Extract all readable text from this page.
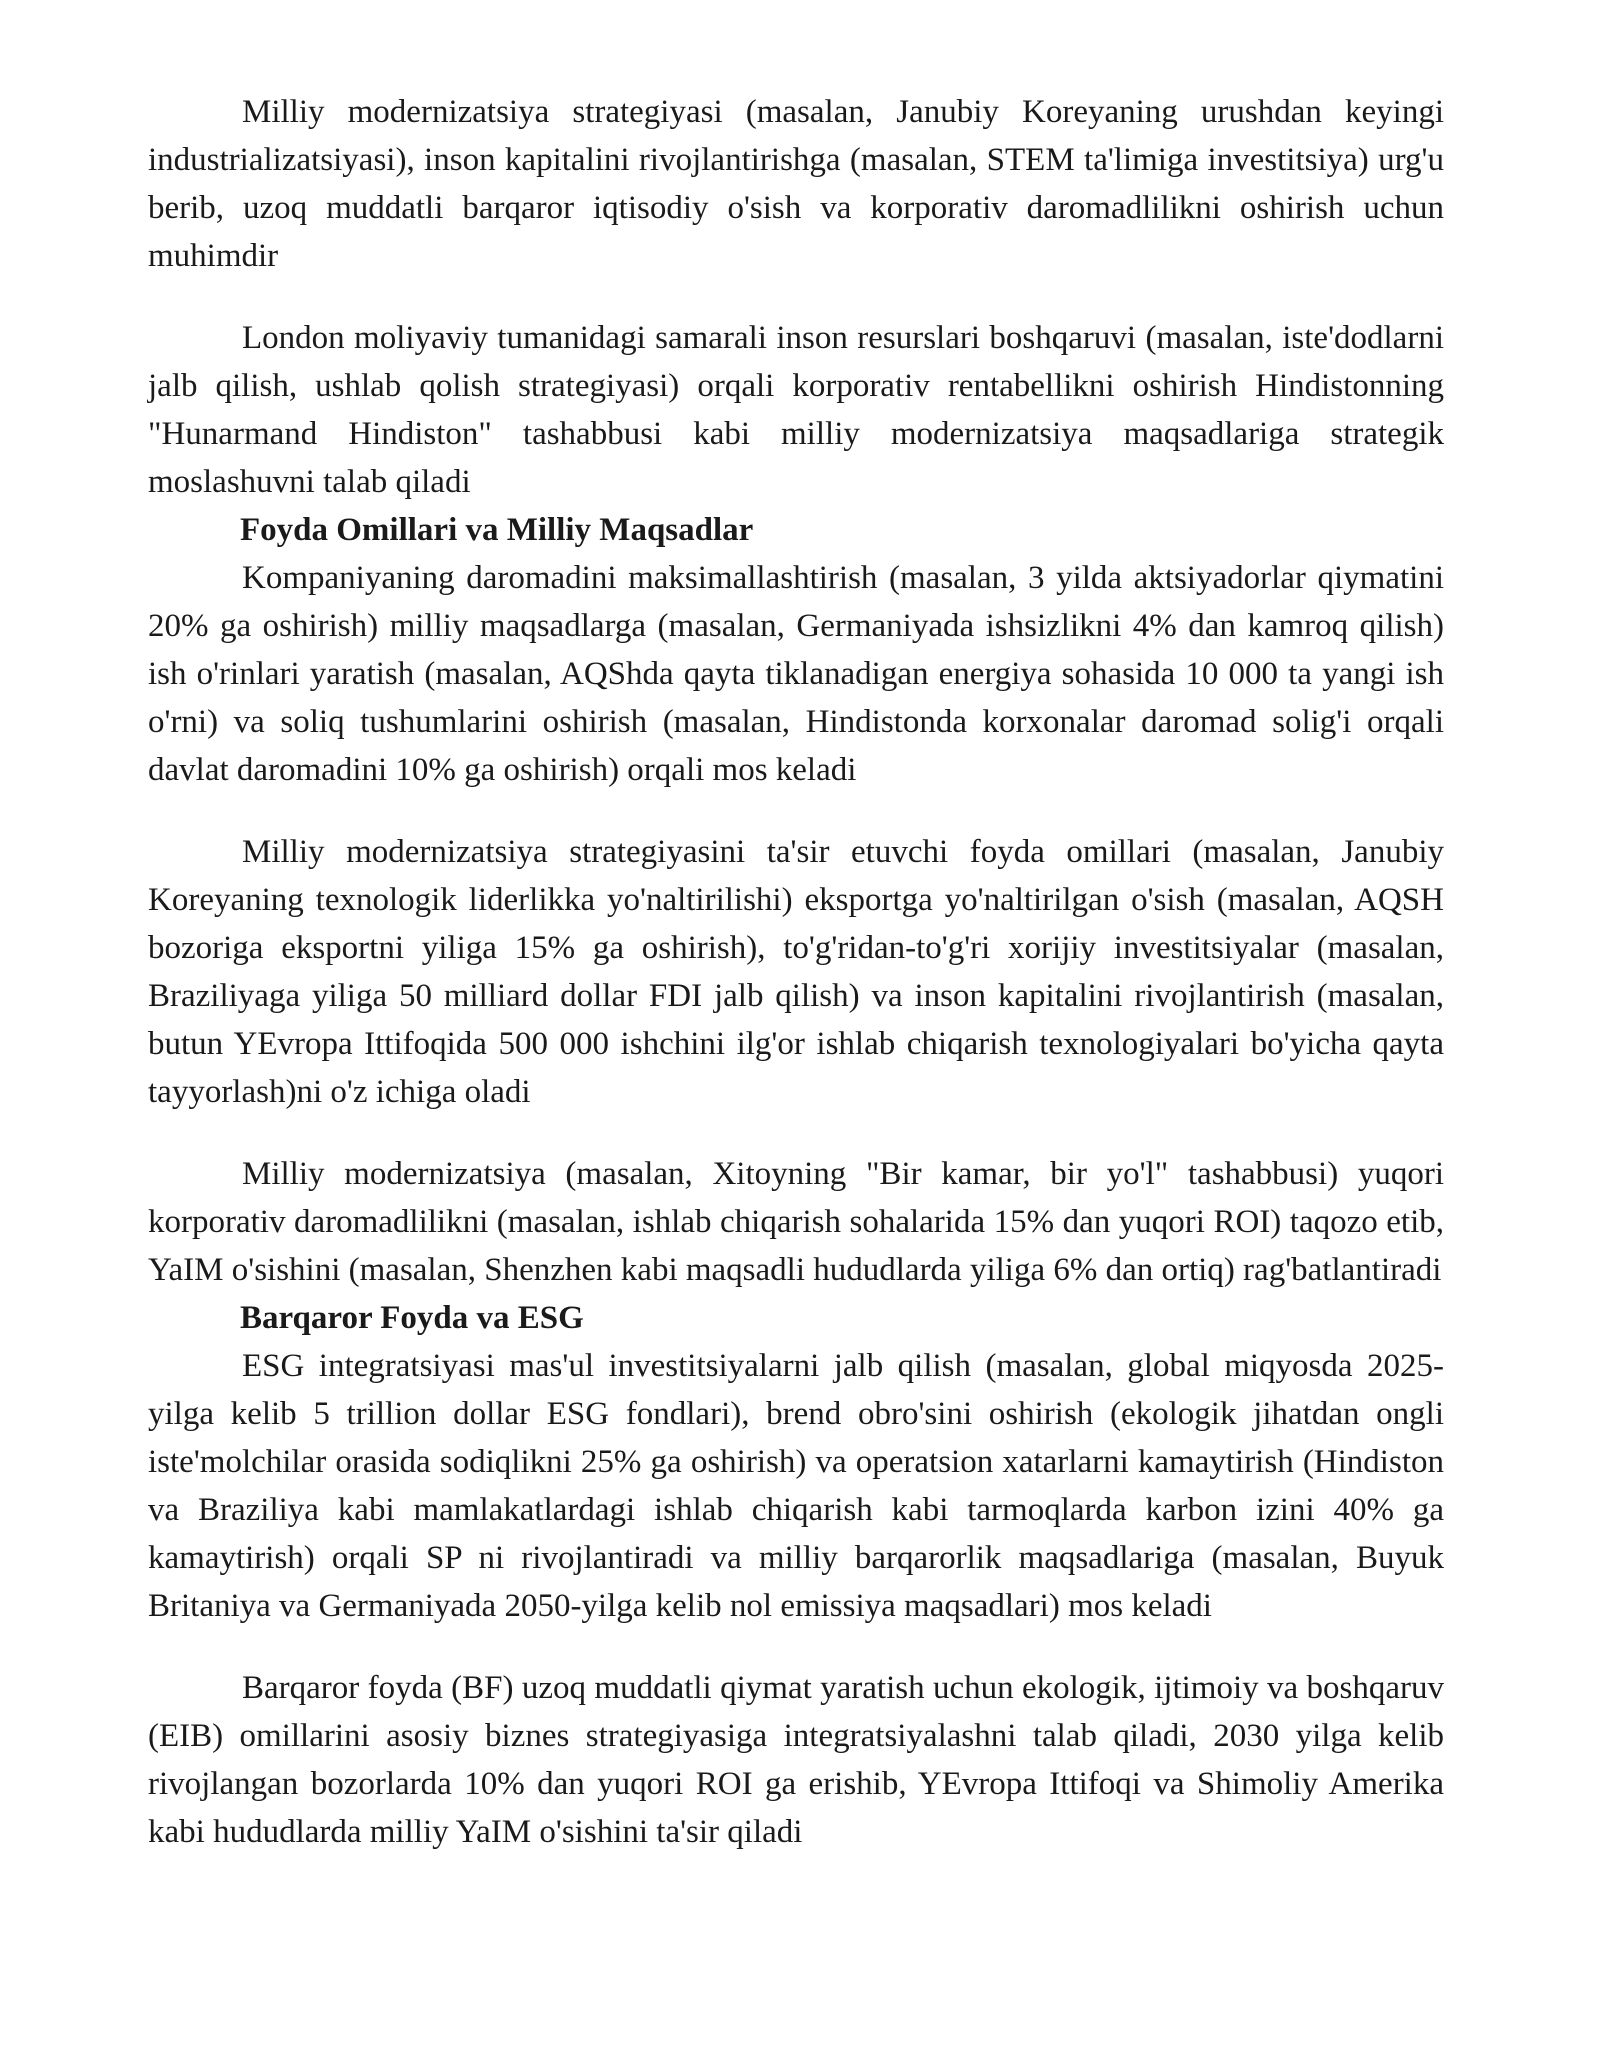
Milliy modernizatsiya strategiyasi (masalan, Janubiy Koreyaning urushdan keyingi industrializatsiyasi), inson kapitalini rivojlantirishga (masalan, STEM ta'limiga investitsiya) urg'u berib, uzoq muddatli barqaror iqtisodiy o'sish va korporativ daromadlilikni oshirish uchun muhimdir

London moliyaviy tumanidagi samarali inson resurslari boshqaruvi (masalan, iste'dodlarni jalb qilish, ushlab qolish strategiyasi) orqali korporativ rentabellikni oshirish Hindistonning "Hunarmand Hindiston" tashabbusi kabi milliy modernizatsiya maqsadlariga strategik moslashuvni talab qiladi

Foyda Omillari va Milliy Maqsadlar

Kompaniyaning daromadini maksimallashtirish (masalan, 3 yilda aktsiyadorlar qiymatini 20% ga oshirish) milliy maqsadlarga (masalan, Germaniyada ishsizlikni 4% dan kamroq qilish) ish o'rinlari yaratish (masalan, AQShda qayta tiklanadigan energiya sohasida 10 000 ta yangi ish o'rni) va soliq tushumlarini oshirish (masalan, Hindistonda korxonalar daromad solig'i orqali davlat daromadini 10% ga oshirish) orqali mos keladi

Milliy modernizatsiya strategiyasini ta'sir etuvchi foyda omillari (masalan, Janubiy Koreyaning texnologik liderlikka yo'naltirilishi) eksportga yo'naltirilgan o'sish (masalan, AQSH bozoriga eksportni yiliga 15% ga oshirish), to'g'ridan-to'g'ri xorijiy investitsiyalar (masalan, Braziliyaga yiliga 50 milliard dollar FDI jalb qilish) va inson kapitalini rivojlantirish (masalan, butun YEvropa Ittifoqida 500 000 ishchini ilg'or ishlab chiqarish texnologiyalari bo'yicha qayta tayyorlash)ni o'z ichiga oladi

Milliy modernizatsiya (masalan, Xitoyning "Bir kamar, bir yo'l" tashabbusi) yuqori korporativ daromadlilikni (masalan, ishlab chiqarish sohalarida 15% dan yuqori ROI) taqozo etib, YaIM o'sishini (masalan, Shenzhen kabi maqsadli hududlarda yiliga 6% dan ortiq) rag'batlantiradi

Barqaror Foyda va ESG

ESG integratsiyasi mas'ul investitsiyalarni jalb qilish (masalan, global miqyosda 2025-yilga kelib 5 trillion dollar ESG fondlari), brend obro'sini oshirish (ekologik jihatdan ongli iste'molchilar orasida sodiqlikni 25% ga oshirish) va operatsion xatarlarni kamaytirish (Hindiston va Braziliya kabi mamlakatlardagi ishlab chiqarish kabi tarmoqlarda karbon izini 40% ga kamaytirish) orqali SP ni rivojlantiradi va milliy barqarorlik maqsadlariga (masalan, Buyuk Britaniya va Germaniyada 2050-yilga kelib nol emissiya maqsadlari) mos keladi

Barqaror foyda (BF) uzoq muddatli qiymat yaratish uchun ekologik, ijtimoiy va boshqaruv (EIB) omillarini asosiy biznes strategiyasiga integratsiyalashni talab qiladi, 2030 yilga kelib rivojlangan bozorlarda 10% dan yuqori ROI ga erishib, YEvropa Ittifoqi va Shimoliy Amerika kabi hududlarda milliy YaIM o'sishini ta'sir qiladi
